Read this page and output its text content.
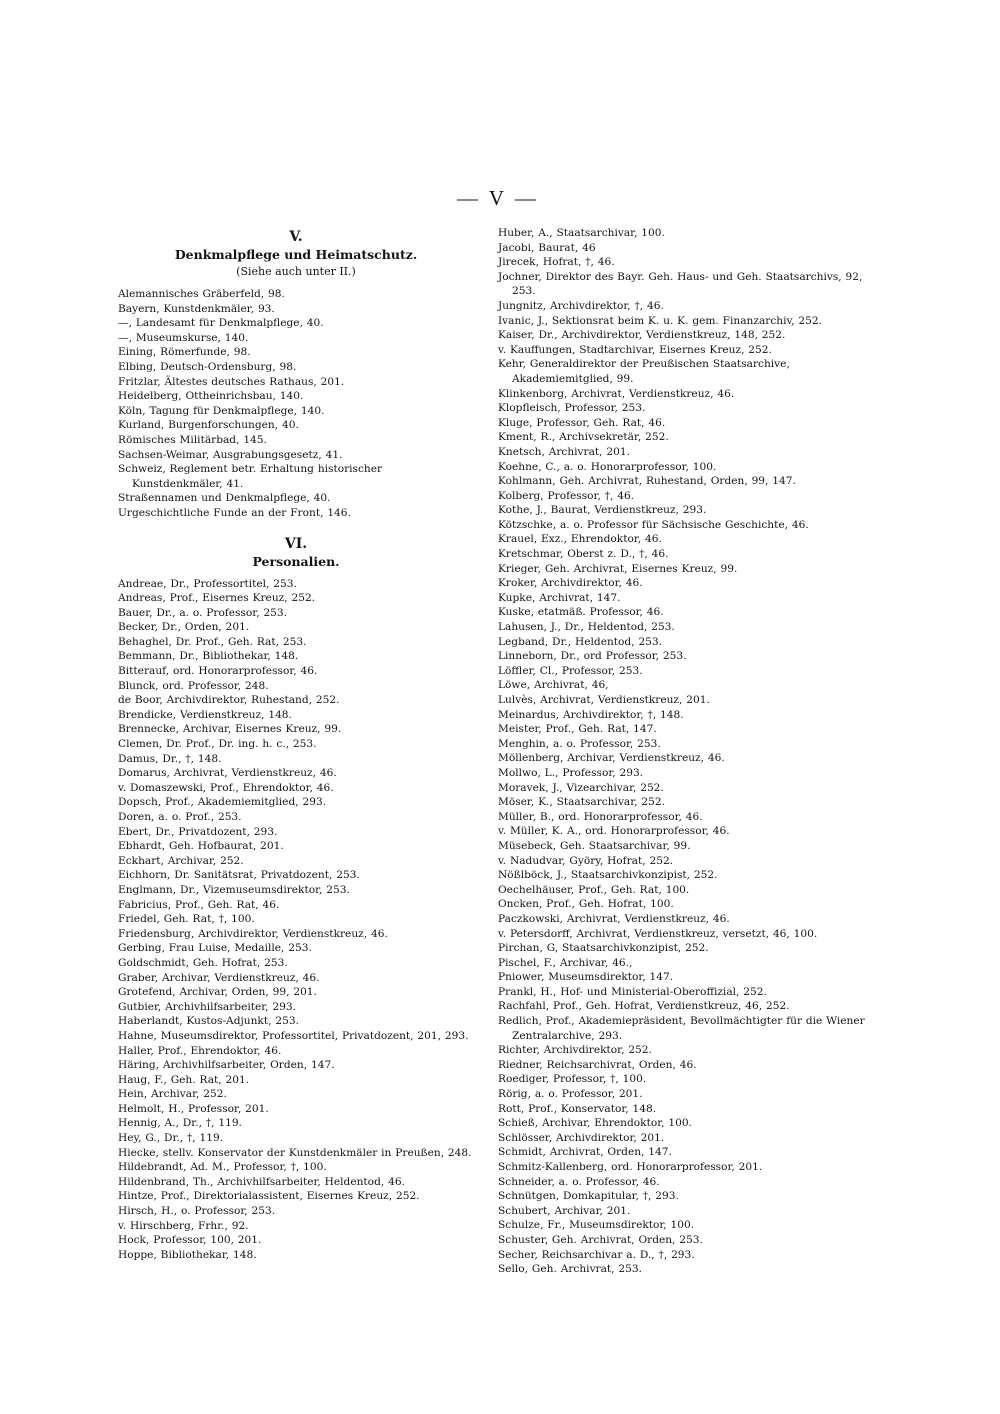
— V —
V.
Denkmalpflege und Heimatschutz.
(Siehe auch unter II.)
Alemannisches Gräberfeld, 98.
Bayern, Kunstdenkmäler, 93.
—, Landesamt für Denkmalpflege, 40.
—, Museumskurse, 140.
Eining, Römerfunde, 98.
Elbing, Deutsch-Ordensburg, 98.
Fritzlar, Ältestes deutsches Rathaus, 201.
Heidelberg, Ottheinrichsbau, 140.
Köln, Tagung für Denkmalpflege, 140.
Kurland, Burgenforschungen, 40.
Römisches Militärbad, 145.
Sachsen-Weimar, Ausgrabungsgesetz, 41.
Schweiz, Reglement betr. Erhaltung historischer Kunstdenkmäler, 41.
Straßennamen und Denkmalpflege, 40.
Urgeschichtliche Funde an der Front, 146.
VI.
Personalien.
Andreae, Dr., Professortitel, 253.
Andreas, Prof., Eisernes Kreuz, 252.
Bauer, Dr., a. o. Professor, 253.
Becker, Dr., Orden, 201.
Behaghel, Dr. Prof., Geh. Rat, 253.
Bemmann, Dr., Bibliothekar, 148.
Bitterauf, ord. Honorarprofessor, 46.
Blunck, ord. Professor, 248.
de Boor, Archivdirektor, Ruhestand, 252.
Brendicke, Verdienstkreuz, 148.
Brennecke, Archivar, Eisernes Kreuz, 99.
Clemen, Dr. Prof., Dr. ing. h. c., 253.
Damus, Dr., †, 148.
Domarus, Archivrat, Verdienstkreuz, 46.
v. Domaszewski, Prof., Ehrendoktor, 46.
Dopsch, Prof., Akademiemitglied, 293.
Doren, a. o. Prof., 253.
Ebert, Dr., Privatdozent, 293.
Ebhardt, Geh. Hofbaurat, 201.
Eckhart, Archivar, 252.
Eichhorn, Dr. Sanitätsrat, Privatdozent, 253.
Englmann, Dr., Vizemuseumsdirektor, 253.
Fabricius, Prof., Geh. Rat, 46.
Friedel, Geh. Rat, †, 100.
Friedensburg, Archivdirektor, Verdienstkreuz, 46.
Gerbing, Frau Luise, Medaille, 253.
Goldschmidt, Geh. Hofrat, 253.
Graber, Archivar, Verdienstkreuz, 46.
Grotefend, Archivar, Orden, 99, 201.
Gutbier, Archivhilfsarbeiter, 293.
Haberlandt, Kustos-Adjunkt, 253.
Hahne, Museumsdirektor, Professortitel, Privatdozent, 201, 293.
Haller, Prof., Ehrendoktor, 46.
Häring, Archivhilfsarbeiter, Orden, 147.
Haug, F., Geh. Rat, 201.
Hein, Archivar, 252.
Helmolt, H., Professor, 201.
Hennig, A., Dr., †, 119.
Hey, G., Dr., †, 119.
Hiecke, stellv. Konservator der Kunstdenkmäler in Preußen, 248.
Hildebrandt, Ad. M., Professor, †, 100.
Hildenbrand, Th., Archivhilfsarbeiter, Heldentod, 46.
Hintze, Prof., Direktorialassistent, Eisernes Kreuz, 252.
Hirsch, H., o. Professor, 253.
v. Hirschberg, Frhr., 92.
Hock, Professor, 100, 201.
Hoppe, Bibliothekar, 148.
Huber, A., Staatsarchivar, 100.
Jacobi, Baurat, 46
Jirecek, Hofrat, †, 46.
Jochner, Direktor des Bayr. Geh. Haus- und Geh. Staatsarchivs, 92, 253.
Jungnitz, Archivdirektor, †, 46.
Ivanic, J., Sektionsrat beim K. u. K. gem. Finanzarchiv, 252.
Kaiser, Dr., Archivdirektor, Verdienstkreuz, 148, 252.
v. Kauffungen, Stadtarchivar, Eisernes Kreuz, 252.
Kehr, Generaldirektor der Preußischen Staatsarchive, Akademiemitglied, 99.
Klinkenborg, Archivrat, Verdienstkreuz, 46.
Klopfleisch, Professor, 253.
Kluge, Professor, Geh. Rat, 46.
Kment, R., Archivsekretär, 252.
Knetsch, Archivrat, 201.
Koehne, C., a. o. Honorarprofessor, 100.
Kohlmann, Geh. Archivrat, Ruhestand, Orden, 99, 147.
Kolberg, Professor, †, 46.
Kothe, J., Baurat, Verdienstkreuz, 293.
Kötzschke, a. o. Professor für Sächsische Geschichte, 46.
Krauel, Exz., Ehrendoktor, 46.
Kretschmar, Oberst z. D., †, 46.
Krieger, Geh. Archivrat, Eisernes Kreuz, 99.
Kroker, Archivdirektor, 46.
Kupke, Archivrat, 147.
Kuske, etatmäß. Professor, 46.
Lahusen, J., Dr., Heldentod, 253.
Legband, Dr., Heldentod, 253.
Linneborn, Dr., ord Professor, 253.
Löffler, Cl., Professor, 253.
Löwe, Archivrat, 46,
Lulvès, Archivrat, Verdienstkreuz, 201.
Meinardus, Archivdirektor, †, 148.
Meister, Prof., Geh. Rat, 147.
Menghin, a. o. Professor, 253.
Möllenberg, Archivar, Verdienstkreuz, 46.
Mollwo, L., Professor, 293.
Moravek, J., Vizearchivar, 252.
Möser, K., Staatsarchivar, 252.
Müller, B., ord. Honorarprofessor, 46.
v. Müller, K. A., ord. Honorarprofessor, 46.
Müsebeck, Geh. Staatsarchivar, 99.
v. Nadudvar, Györy, Hofrat, 252.
Nößlböck, J., Staatsarchivkonzipist, 252.
Oechelhäuser, Prof., Geh. Rat, 100.
Oncken, Prof., Geh. Hofrat, 100.
Paczkowski, Archivrat, Verdienstkreuz, 46.
v. Petersdorff, Archivrat, Verdienstkreuz, versetzt, 46, 100.
Pirchan, G, Staatsarchivkonzipist, 252.
Pischel, F., Archivar, 46.,
Pniower, Museumsdirektor, 147.
Prankl, H., Hof- und Ministerial-Oberoffizial, 252.
Rachfahl, Prof., Geh. Hofrat, Verdienstkreuz, 46, 252.
Redlich, Prof., Akademiepräsident, Bevollmächtigter für die Wiener Zentralarchive, 293.
Richter, Archivdirektor, 252.
Riedner, Reichsarchivrat, Orden, 46.
Roediger, Professor, †, 100.
Rörig, a. o. Professor, 201.
Rott, Prof., Konservator, 148.
Schieß, Archivar, Ehrendoktor, 100.
Schlösser, Archivdirektor, 201.
Schmidt, Archivrat, Orden, 147.
Schmitz-Kallenberg, ord. Honorarprofessor, 201.
Schneider, a. o. Professor, 46.
Schnütgen, Domkapitular, †, 293.
Schubert, Archivar, 201.
Schulze, Fr., Museumsdirektor, 100.
Schuster, Geh. Archivrat, Orden, 253.
Secher, Reichsarchivar a. D., †, 293.
Sello, Geh. Archivrat, 253.
